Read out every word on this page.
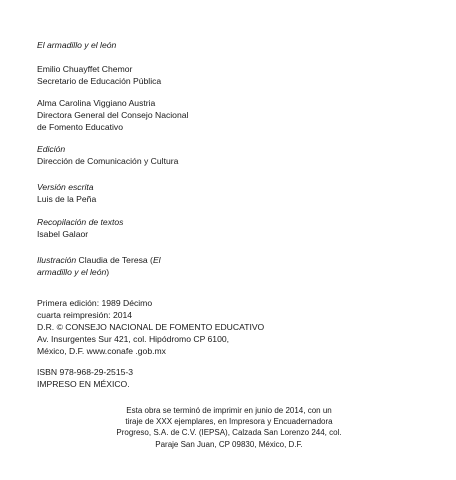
El armadillo y el león
Emilio Chuayffet Chemor
Secretario de Educación Pública
Alma Carolina Viggiano Austria
Directora General del Consejo Nacional
de Fomento Educativo
Edición
Dirección de Comunicación y Cultura
Versión escrita
Luis de la Peña
Recopilación de textos
Isabel Galaor
Ilustración Claudia de Teresa (El
armadillo y el león)
Primera edición: 1989 Décimo
cuarta reimpresión: 2014
D.R. © CONSEJO NACIONAL DE FOMENTO EDUCATIVO
Av. Insurgentes Sur 421, col. Hipódromo CP 6100,
México, D.F. www.conafe .gob.mx
ISBN 978-968-29-2515-3
IMPRESO EN MÉXICO.
Esta obra se terminó de imprimir en junio de 2014, con un
tiraje de XXX ejemplares, en Impresora y Encuadernadora
Progreso, S.A. de C.V. (IEPSA), Calzada San Lorenzo 244, col.
Paraje San Juan, CP 09830, México, D.F.
